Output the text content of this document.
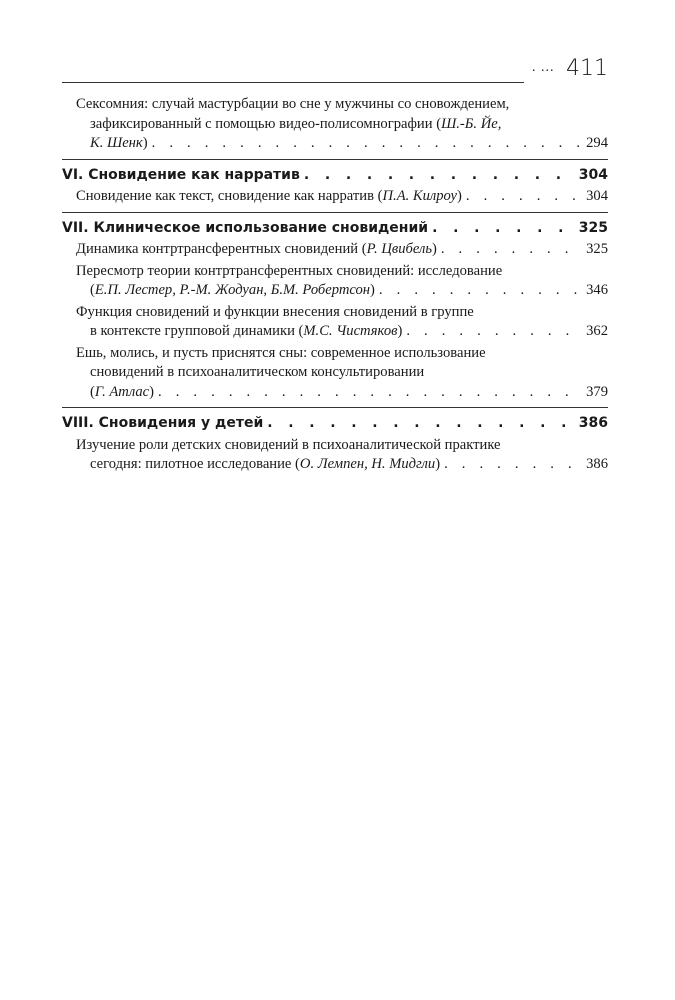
. ... 411
Сексомния: случай мастурбации во сне у мужчины со сновождением,
зафиксированный с помощью видео-полисомнографии (Ш.-Б. Йе,
К. Шенк) . . .	294
VI. Сновидение как нарратив . . .	304
Сновидение как текст, сновидение как нарратив (П.А. Килроу) . . .	304
VII. Клиническое использование сновидений . . .	325
Динамика контртрансферентных сновидений (Р. Цвибель) . . .	325
Пересмотр теории контртрансферентных сновидений: исследование
(Е.П. Лестер, Р.-М. Жодуан, Б.М. Робертсон) . . .	346
Функция сновидений и функции внесения сновидений в группе
в контексте групповой динамики (М.С. Чистяков) . . .	362
Ешь, молись, и пусть приснятся сны: современное использование
сновидений в психоаналитическом консультировании
(Г. Атлас) . . .	379
VIII. Сновидения у детей . . .	386
Изучение роли детских сновидений в психоаналитической практике
сегодня: пилотное исследование (О. Лемпен, Н. Мидгли) . . .	386
